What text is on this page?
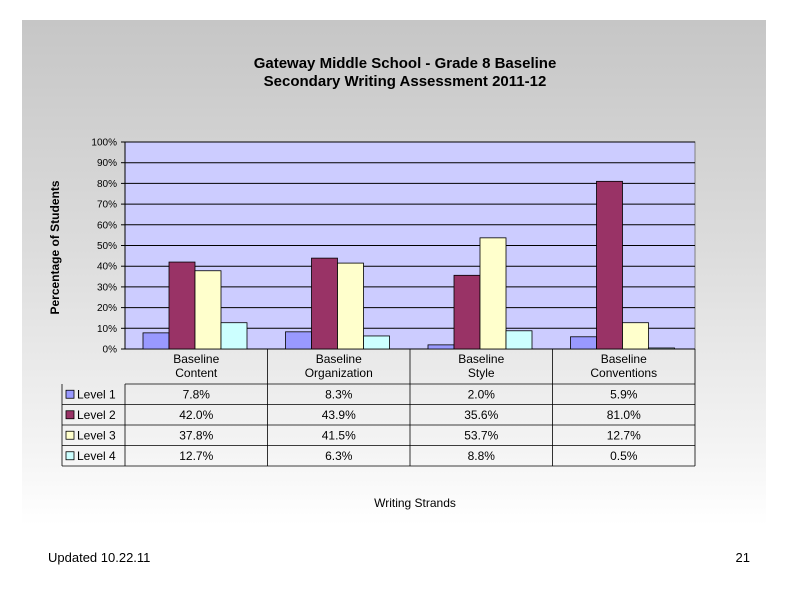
Gateway Middle School - Grade 8 Baseline
Secondary Writing Assessment 2011-12
0%
10%
20%
30%
40%
50%
60%
70%
80%
90%
100%
Baseline
Content
Baseline
Organization
Baseline
Style
Baseline
Conventions
Level 1	7.8%	8.3%	2.0%	5.9%
Level 2	42.0%	43.9%	35.6%	81.0%
Level 3	37.8%	41.5%	53.7%	12.7%
Level 4	12.7%	6.3%	8.8%	0.5%
Percentage of Students
Writing Strands
Updated 10.22.11	21
